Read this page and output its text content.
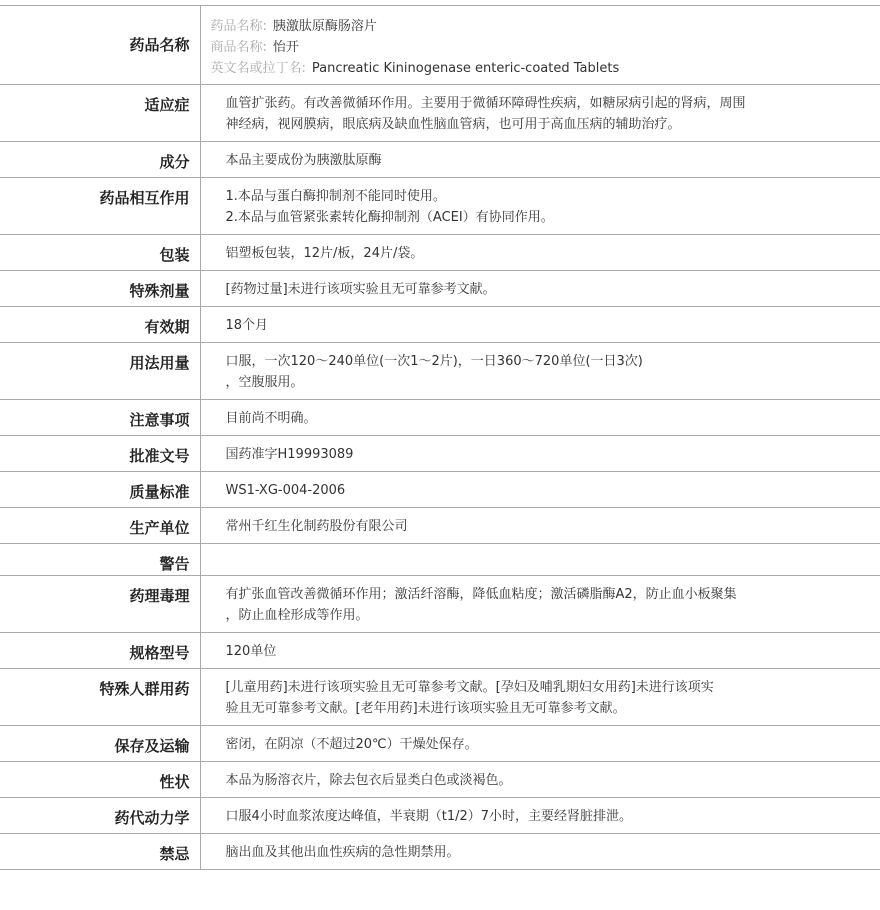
药品名称	药品名称: 胰激肽原酶肠溶片
商品名称: 怡开
英文名或拉丁名: Pancreatic Kininogenase enteric-coated Tablets

适应症	血管扩张药。有改善微循环作用。主要用于微循环障碍性疾病，如糖尿病引起的肾病，周围
神经病，视网膜病，眼底病及缺血性脑血管病，也可用于高血压病的辅助治疗。

成分	本品主要成份为胰激肽原酶

药品相互作用	1.本品与蛋白酶抑制剂不能同时使用。
2.本品与血管紧张素转化酶抑制剂（ACEI）有协同作用。

包装	铝塑板包装，12片/板，24片/袋。

特殊剂量	[药物过量]未进行该项实验且无可靠参考文献。

有效期	18个月

用法用量	口服，一次120～240单位(一次1～2片)，一日360～720单位(一日3次)
，空腹服用。

注意事项	目前尚不明确。

批准文号	国药准字H19993089

质量标准	WS1-XG-004-2006

生产单位	常州千红生化制药股份有限公司

警告	

药理毒理	有扩张血管改善微循环作用；激活纤溶酶，降低血粘度；激活磷脂酶A2，防止血小板聚集
，防止血栓形成等作用。

规格型号	120单位

特殊人群用药	[儿童用药]未进行该项实验且无可靠参考文献。[孕妇及哺乳期妇女用药]未进行该项实
验且无可靠参考文献。[老年用药]未进行该项实验且无可靠参考文献。

保存及运输	密闭，在阴凉（不超过20℃）干燥处保存。

性状	本品为肠溶衣片，除去包衣后显类白色或淡褐色。

药代动力学	口服4小时血浆浓度达峰值，半衰期（t1/2）7小时，主要经肾脏排泄。

禁忌	脑出血及其他出血性疾病的急性期禁用。
